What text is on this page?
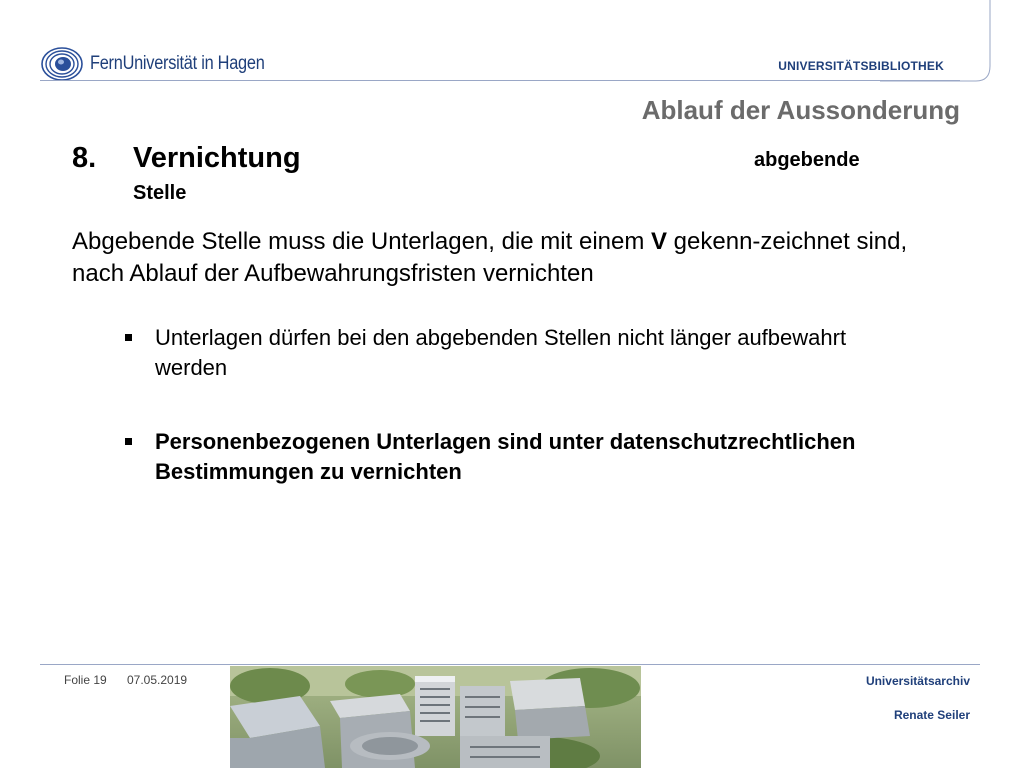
FernUniversität in Hagen	UNIVERSITÄTSBIBLIOTHEK
Ablauf der Aussonderung
8. Vernichtung	abgebende
Stelle
Abgebende Stelle muss die Unterlagen, die mit einem V gekenn-zeichnet sind, nach Ablauf der Aufbewahrungsfristen vernichten
Unterlagen dürfen bei den abgebenden Stellen nicht länger aufbewahrt werden
Personenbezogenen Unterlagen sind unter datenschutzrechtlichen Bestimmungen zu vernichten
Folie 19 07.05.2019	Universitätsarchiv
Renate Seiler
